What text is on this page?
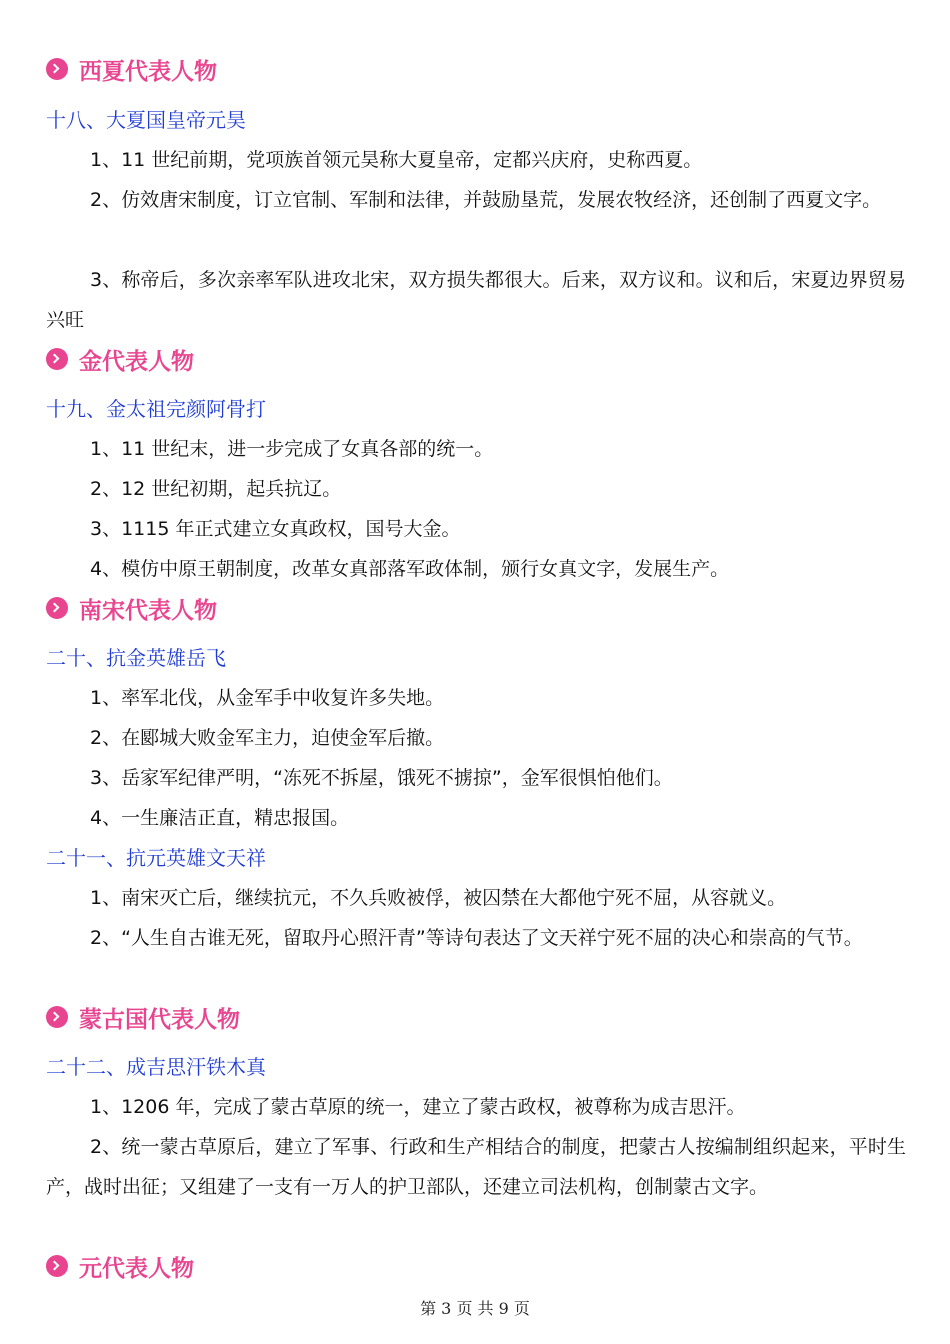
西夏代表人物
十八、大夏国皇帝元昊

1、11 世纪前期，党项族首领元昊称大夏皇帝，定都兴庆府，史称西夏。

2、仿效唐宋制度，订立官制、军制和法律，并鼓励垦荒，发展农牧经济，还创制了西夏文字。

3、称帝后，多次亲率军队进攻北宋，双方损失都很大。后来，双方议和。议和后，宋夏边界贸易兴旺

金代表人物
十九、金太祖完颜阿骨打

1、11 世纪末，进一步完成了女真各部的统一。

2、12 世纪初期，起兵抗辽。

3、1115 年正式建立女真政权，国号大金。

4、模仿中原王朝制度，改革女真部落军政体制，颁行女真文字，发展生产。

南宋代表人物
二十、抗金英雄岳飞

1、率军北伐，从金军手中收复许多失地。

2、在郾城大败金军主力，迫使金军后撤。

3、岳家军纪律严明，“冻死不拆屋，饿死不掳掠”，金军很惧怕他们。

4、一生廉洁正直，精忠报国。

二十一、抗元英雄文天祥

1、南宋灭亡后，继续抗元，不久兵败被俘，被囚禁在大都他宁死不屈，从容就义。

2、“人生自古谁无死，留取丹心照汗青”等诗句表达了文天祥宁死不屈的决心和崇高的气节。

蒙古国代表人物
二十二、成吉思汗铁木真

1、1206 年，完成了蒙古草原的统一，建立了蒙古政权，被尊称为成吉思汗。

2、统一蒙古草原后，建立了军事、行政和生产相结合的制度，把蒙古人按编制组织起来，平时生产，战时出征；又组建了一支有一万人的护卫部队，还建立司法机构，创制蒙古文字。

元代表人物
第 3 页 共 9 页
